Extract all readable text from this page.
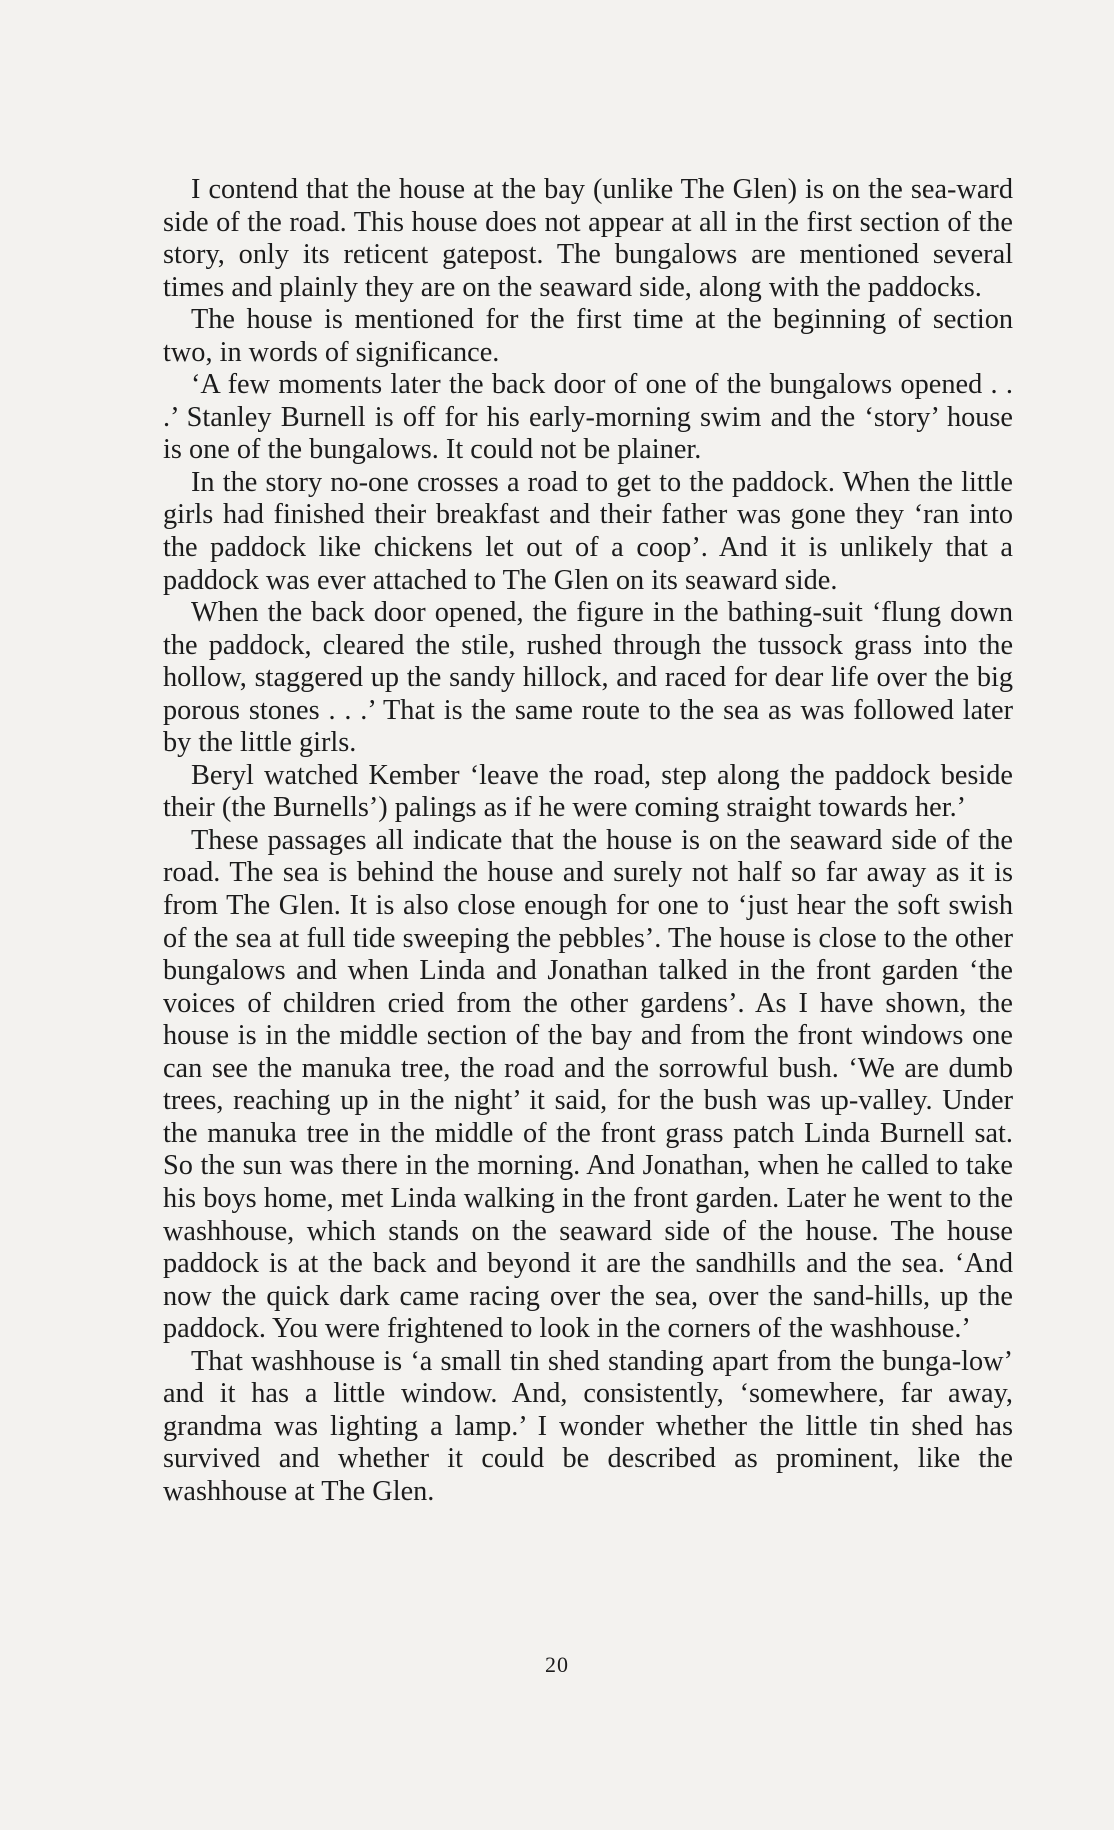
I contend that the house at the bay (unlike The Glen) is on the sea-ward side of the road. This house does not appear at all in the first section of the story, only its reticent gatepost. The bungalows are mentioned several times and plainly they are on the seaward side, along with the paddocks.

The house is mentioned for the first time at the beginning of section two, in words of significance.

‘A few moments later the back door of one of the bungalows opened . . .’ Stanley Burnell is off for his early-morning swim and the ‘story’ house is one of the bungalows. It could not be plainer.

In the story no-one crosses a road to get to the paddock. When the little girls had finished their breakfast and their father was gone they ‘ran into the paddock like chickens let out of a coop’. And it is unlikely that a paddock was ever attached to The Glen on its seaward side.

When the back door opened, the figure in the bathing-suit ‘flung down the paddock, cleared the stile, rushed through the tussock grass into the hollow, staggered up the sandy hillock, and raced for dear life over the big porous stones . . .’ That is the same route to the sea as was followed later by the little girls.

Beryl watched Kember ‘leave the road, step along the paddock beside their (the Burnells’) palings as if he were coming straight towards her.’

These passages all indicate that the house is on the seaward side of the road. The sea is behind the house and surely not half so far away as it is from The Glen. It is also close enough for one to ‘just hear the soft swish of the sea at full tide sweeping the pebbles’. The house is close to the other bungalows and when Linda and Jonathan talked in the front garden ‘the voices of children cried from the other gardens’. As I have shown, the house is in the middle section of the bay and from the front windows one can see the manuka tree, the road and the sorrowful bush. ‘We are dumb trees, reaching up in the night’ it said, for the bush was up-valley. Under the manuka tree in the middle of the front grass patch Linda Burnell sat. So the sun was there in the morning. And Jonathan, when he called to take his boys home, met Linda walking in the front garden. Later he went to the washhouse, which stands on the seaward side of the house. The house paddock is at the back and beyond it are the sandhills and the sea. ‘And now the quick dark came racing over the sea, over the sand-hills, up the paddock. You were frightened to look in the corners of the washhouse.’

That washhouse is ‘a small tin shed standing apart from the bunga-low’ and it has a little window. And, consistently, ‘somewhere, far away, grandma was lighting a lamp.’ I wonder whether the little tin shed has survived and whether it could be described as prominent, like the washhouse at The Glen.

20
